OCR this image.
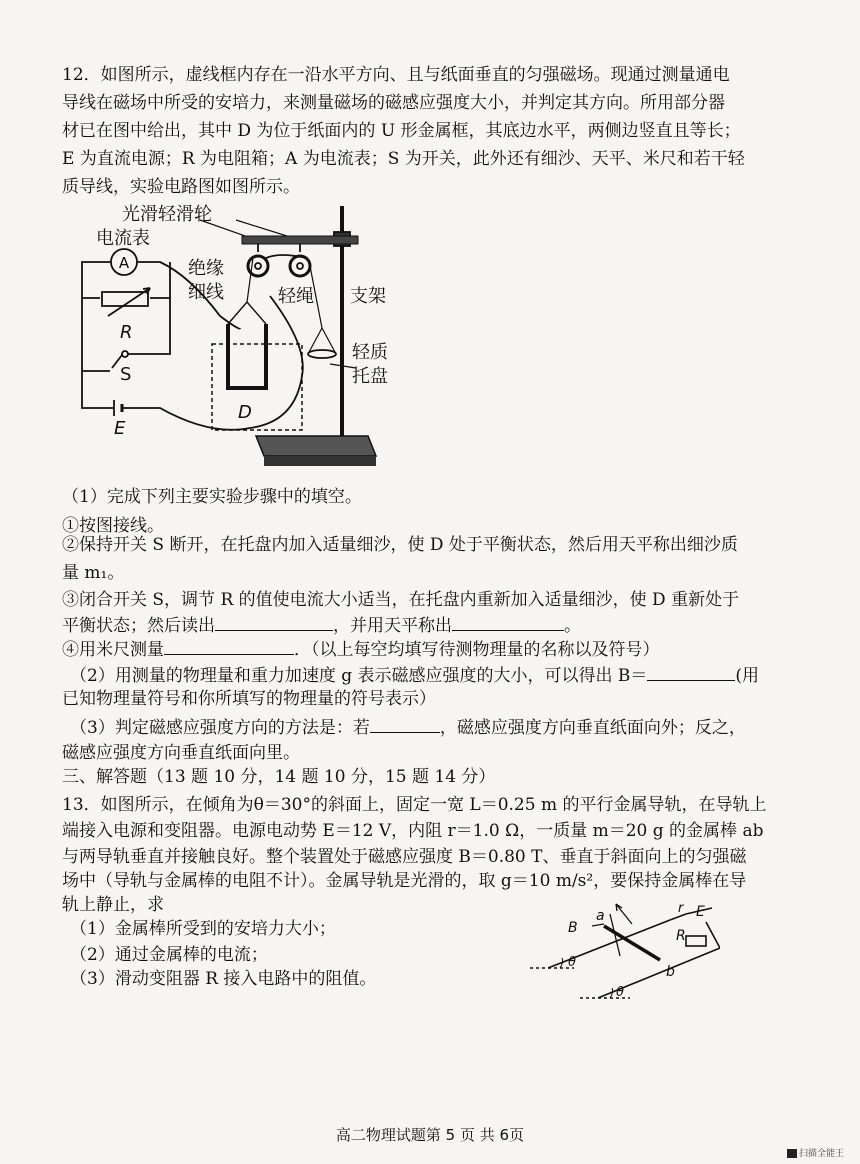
12．如图所示，虚线框内存在一沿水平方向、且与纸面垂直的匀强磁场。现通过测量通电
导线在磁场中所受的安培力，来测量磁场的磁感应强度大小，并判定其方向。所用部分器
材已在图中给出，其中 D 为位于纸面内的 U 形金属框，其底边水平，两侧边竖直且等长；
E 为直流电源；R 为电阻箱；A 为电流表；S 为开关，此外还有细沙、天平、米尺和若干轻
质导线，实验电路图如图所示。
A
光滑轻滑轮
电流表
绝缘
细线	轻绳 支架
轻质
托盘
R
S
D
E
（1）完成下列主要实验步骤中的填空。
①按图接线。
②保持开关 S 断开，在托盘内加入适量细沙，使 D 处于平衡状态，然后用天平称出细沙质
量 m₁。
③闭合开关 S，调节 R 的值使电流大小适当，在托盘内重新加入适量细沙，使 D 重新处于
平衡状态；然后读出	，并用天平称出	。
④用米尺测量	．（以上每空均填写待测物理量的名称以及符号）
（2）用测量的物理量和重力加速度 g 表示磁感应强度的大小，可以得出 B＝	(用
已知物理量符号和你所填写的物理量的符号表示）
（3）判定磁感应强度方向的方法是：若	，磁感应强度方向垂直纸面向外；反之，
磁感应强度方向垂直纸面向里。
三、解答题（13 题 10 分，14 题 10 分，15 题 14 分）
13．如图所示，在倾角为θ＝30°的斜面上，固定一宽 L＝0.25 m 的平行金属导轨，在导轨上
端接入电源和变阻器。电源电动势 E＝12 V，内阻 r＝1.0 Ω，一质量 m＝20 g 的金属棒 ab
与两导轨垂直并接触良好。整个装置处于磁感应强度 B＝0.80 T、垂直于斜面向上的匀强磁
场中（导轨与金属棒的电阻不计）。金属导轨是光滑的，取 g＝10 m/s²，要保持金属棒在导
轨上静止，求
（1）金属棒所受到的安培力大小；
（2）通过金属棒的电流；
（3）滑动变阻器 R 接入电路中的阻值。
B
a
b
r E
R
θ
θ
高二物理试题第 5 页 共 6页
扫描全能王
